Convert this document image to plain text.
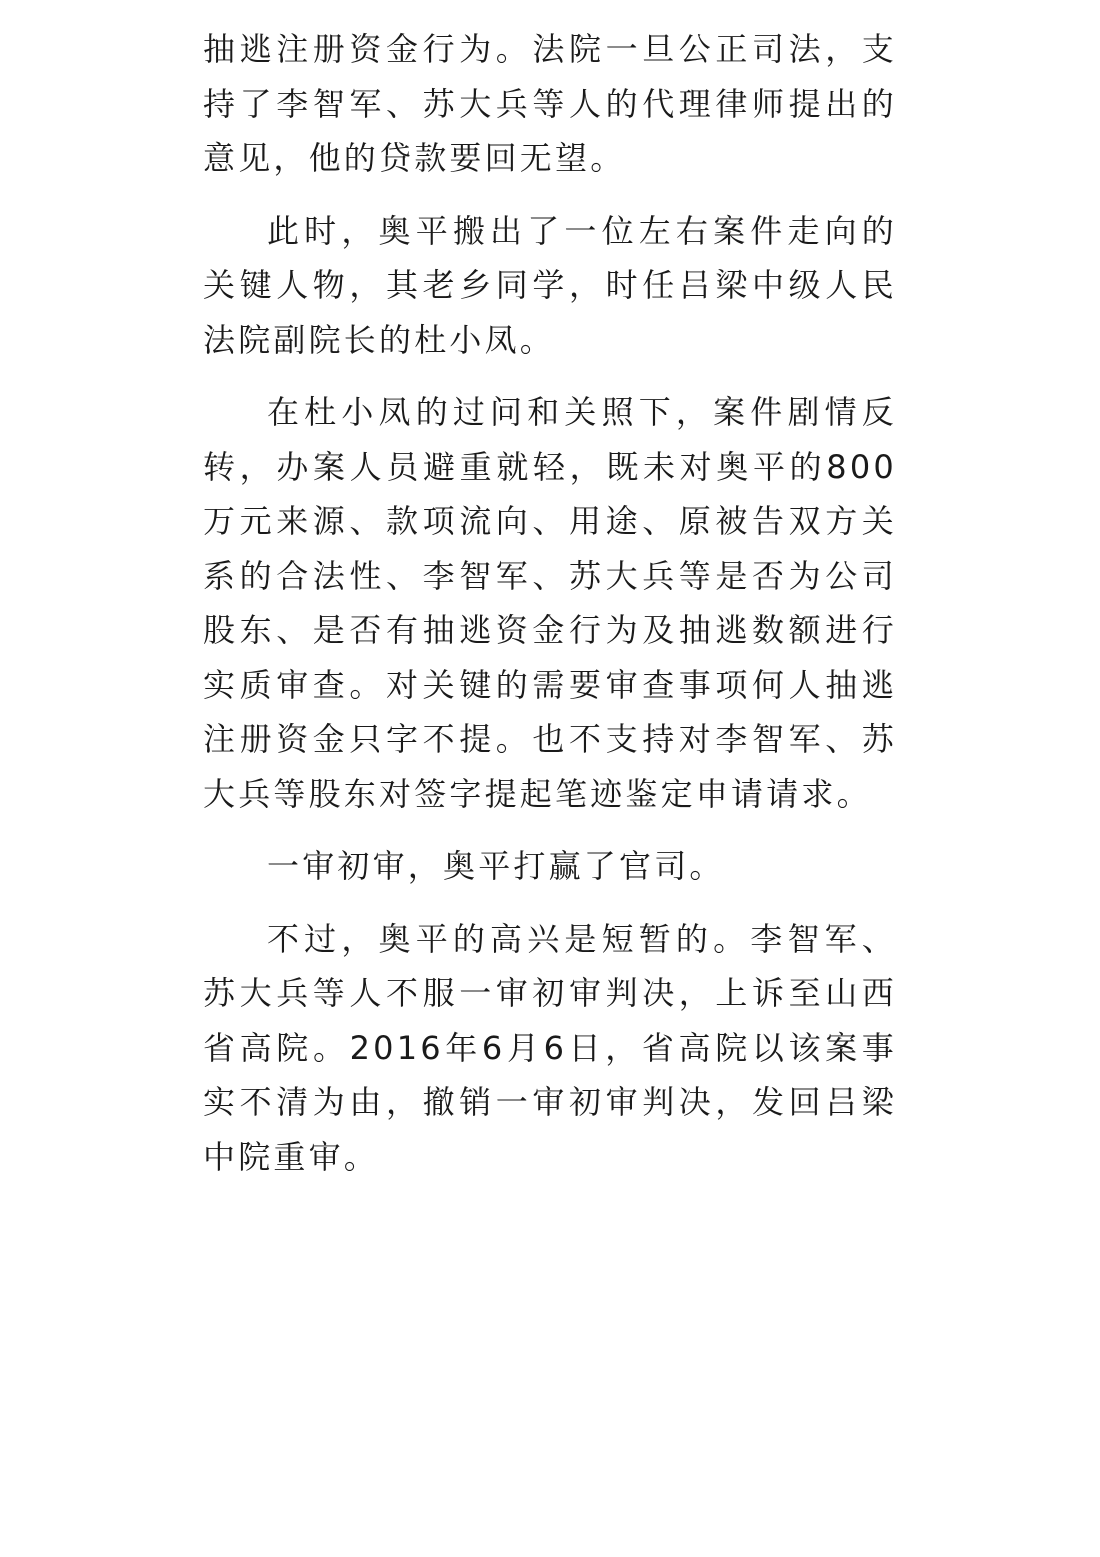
抽逃注册资金行为。法院一旦公正司法，支持了李智军、苏大兵等人的代理律师提出的意见，他的贷款要回无望。

此时，奥平搬出了一位左右案件走向的关键人物，其老乡同学，时任吕梁中级人民法院副院长的杜小凤。

在杜小凤的过问和关照下，案件剧情反转，办案人员避重就轻，既未对奥平的800万元来源、款项流向、用途、原被告双方关系的合法性、李智军、苏大兵等是否为公司股东、是否有抽逃资金行为及抽逃数额进行实质审查。对关键的需要审查事项何人抽逃注册资金只字不提。也不支持对李智军、苏大兵等股东对签字提起笔迹鉴定申请请求。

一审初审，奥平打赢了官司。

不过，奥平的高兴是短暂的。李智军、苏大兵等人不服一审初审判决，上诉至山西省高院。2016年6月6日，省高院以该案事实不清为由，撤销一审初审判决，发回吕梁中院重审。
